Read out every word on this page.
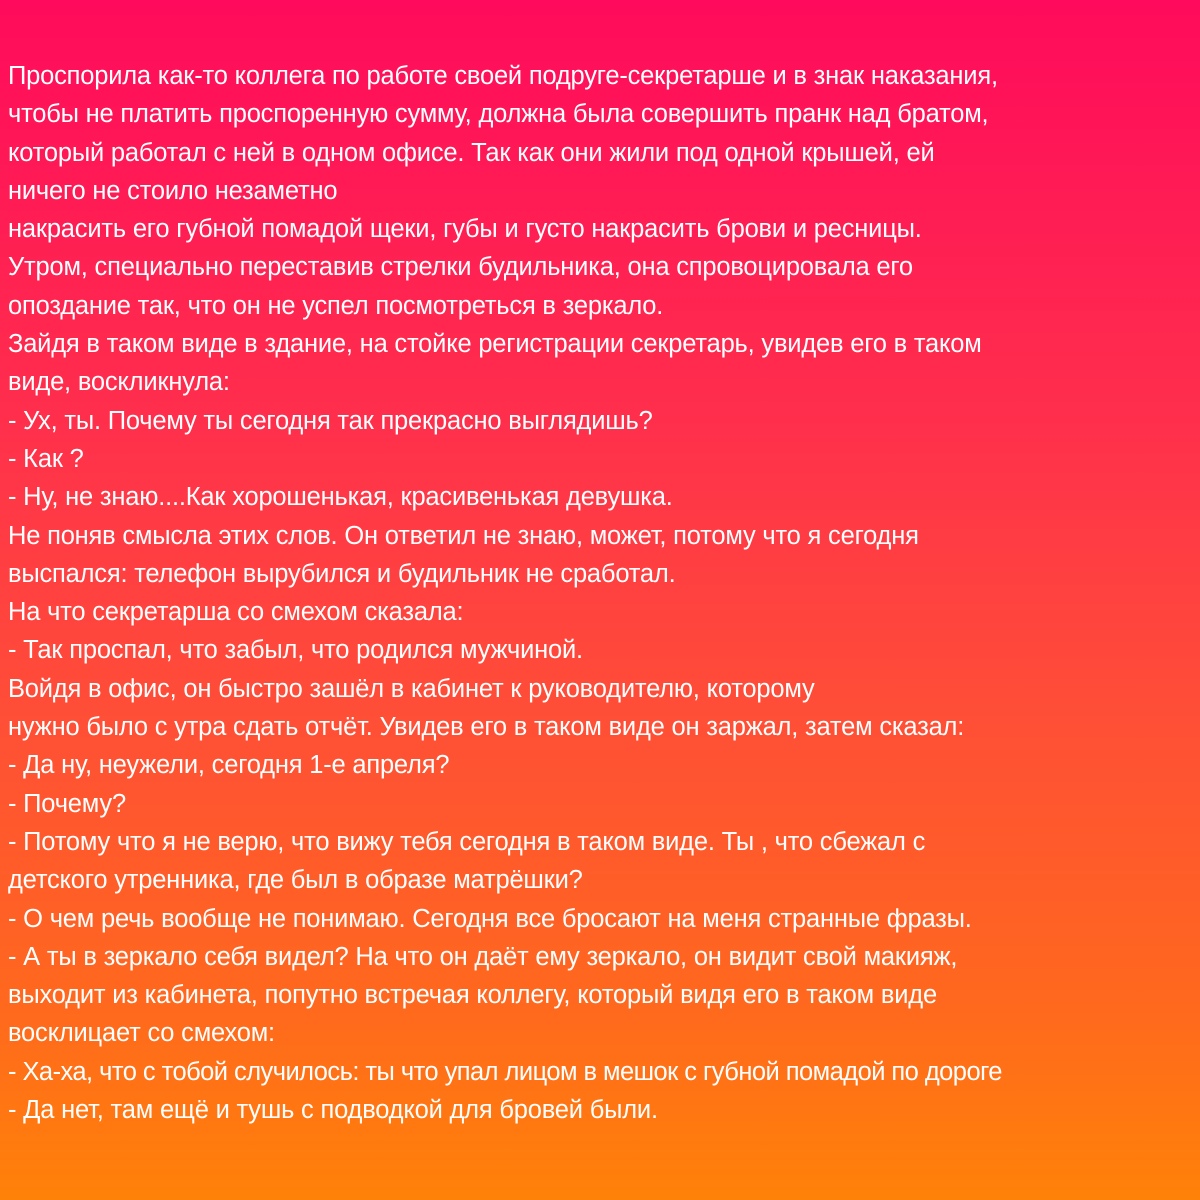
Проспорила как-то коллега по работе своей подруге-секретарше и в знак наказания,
чтобы не платить проспоренную сумму, должна была совершить пранк над братом,
который работал с ней в одном офисе. Так как они жили под одной крышей, ей
ничего не стоило незаметно
накрасить его губной помадой щеки, губы и густо накрасить брови и ресницы.
Утром, специально переставив стрелки будильника, она спровоцировала его
опоздание так, что он не успел посмотреться в зеркало.
Зайдя в таком виде в здание, на стойке регистрации секретарь, увидев его в таком
виде, воскликнула:
- Ух, ты. Почему ты сегодня так прекрасно выглядишь?
- Как ?
- Ну, не знаю....Как хорошенькая, красивенькая девушка.
Не поняв смысла этих слов. Он ответил не знаю, может, потому что я сегодня
выспался: телефон вырубился и будильник не сработал.
На что секретарша со смехом сказала:
- Так проспал, что забыл, что родился мужчиной.
Войдя в офис, он быстро зашёл в кабинет к руководителю, которому
нужно было с утра сдать отчёт. Увидев его в таком виде он заржал, затем сказал:
- Да ну, неужели, сегодня 1-е апреля?
- Почему?
- Потому что я не верю, что вижу тебя сегодня в таком виде. Ты , что сбежал с
детского утренника, где был в образе матрёшки?
- О чем речь вообще не понимаю. Сегодня все бросают на меня странные фразы.
- А ты в зеркало себя видел? На что он даёт ему зеркало, он видит свой макияж,
выходит из кабинета, попутно встречая коллегу, который видя его в таком виде
восклицает со смехом:
- Ха-ха, что с тобой случилось: ты что упал лицом в мешок с губной помадой по дороге
- Да нет, там ещё и тушь с подводкой для бровей были.
